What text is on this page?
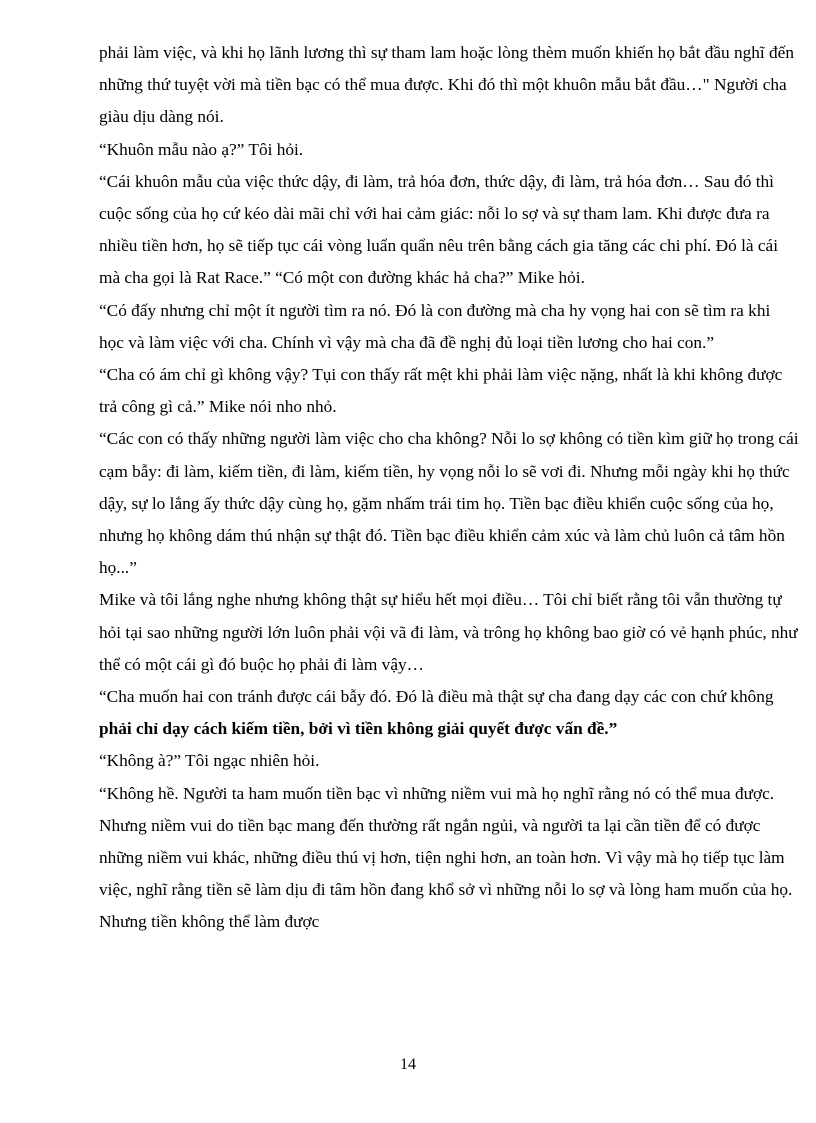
phải làm việc, và khi họ lãnh lương thì sự tham lam hoặc lòng thèm muốn khiến họ bắt đầu nghĩ đến những thứ tuyệt vời mà tiền bạc có thể mua được. Khi đó thì một khuôn mẫu bắt đầu…" Người cha giàu dịu dàng nói.

“Khuôn mẫu nào ạ?” Tôi hỏi.

“Cái khuôn mẫu của việc thức dậy, đi làm, trả hóa đơn, thức dậy, đi làm, trả hóa đơn… Sau đó thì cuộc sống của họ cứ kéo dài mãi chỉ với hai cảm giác: nỗi lo sợ và sự tham lam. Khi được đưa ra nhiều tiền hơn, họ sẽ tiếp tục cái vòng luẩn quẩn nêu trên bằng cách gia tăng các chi phí. Đó là cái mà cha gọi là Rat Race.” “Có một con đường khác hả cha?” Mike hỏi.

“Có đấy nhưng chỉ một ít người tìm ra nó. Đó là con đường mà cha hy vọng hai con sẽ tìm ra khi học và làm việc với cha. Chính vì vậy mà cha đã đề nghị đủ loại tiền lương cho hai con.”

“Cha có ám chỉ gì không vậy? Tụi con thấy rất mệt khi phải làm việc nặng, nhất là khi không được trả công gì cả.” Mike nói nho nhỏ.

“Các con có thấy những người làm việc cho cha không? Nỗi lo sợ không có tiền kìm giữ họ trong cái cạm bẫy: đi làm, kiếm tiền, đi làm, kiếm tiền, hy vọng nỗi lo sẽ vơi đi. Nhưng mỗi ngày khi họ thức dậy, sự lo lắng ấy thức dậy cùng họ, gặm nhấm trái tim họ. Tiền bạc điều khiển cuộc sống của họ, nhưng họ không dám thú nhận sự thật đó. Tiền bạc điều khiển cảm xúc và làm chủ luôn cả tâm hồn họ...”

Mike và tôi lắng nghe nhưng không thật sự hiểu hết mọi điều… Tôi chỉ biết rằng tôi vẫn thường tự hỏi tại sao những người lớn luôn phải vội vã đi làm, và trông họ không bao giờ có vẻ hạnh phúc, như thể có một cái gì đó buộc họ phải đi làm vậy…

“Cha muốn hai con tránh được cái bẫy đó. Đó là điều mà thật sự cha đang dạy các con chứ không phải chỉ dạy cách kiếm tiền, bởi vì tiền không giải quyết được vấn đề.”

“Không à?” Tôi ngạc nhiên hỏi.

“Không hề. Người ta ham muốn tiền bạc vì những niềm vui mà họ nghĩ rằng nó có thể mua được. Nhưng niềm vui do tiền bạc mang đến thường rất ngắn ngủi, và người ta lại cần tiền để có được những niềm vui khác, những điều thú vị hơn, tiện nghi hơn, an toàn hơn. Vì vậy mà họ tiếp tục làm việc, nghĩ rằng tiền sẽ làm dịu đi tâm hồn đang khổ sở vì những nỗi lo sợ và lòng ham muốn của họ. Nhưng tiền không thể làm được

14
